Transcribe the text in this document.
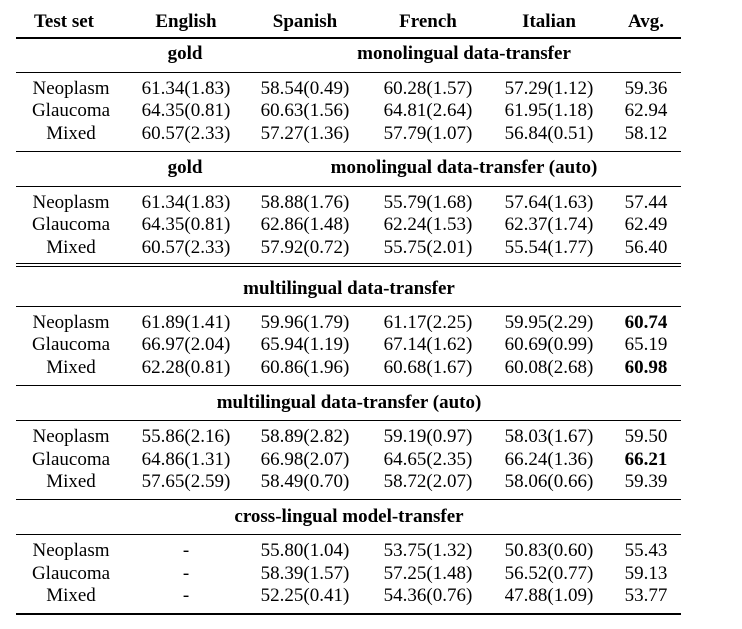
Test set	English	Spanish	French	Italian	Avg.
gold	monolingual data-transfer
Neoplasm 61.34(1.83) 58.54(0.49) 60.28(1.57) 57.29(1.12) 59.36
Glaucoma 64.35(0.81) 60.63(1.56) 64.81(2.64) 61.95(1.18) 62.94
Mixed 60.57(2.33) 57.27(1.36) 57.79(1.07) 56.84(0.51) 58.12
gold	monolingual data-transfer (auto)
Neoplasm 61.34(1.83) 58.88(1.76) 55.79(1.68) 57.64(1.63) 57.44
Glaucoma 64.35(0.81) 62.86(1.48) 62.24(1.53) 62.37(1.74) 62.49
Mixed 60.57(2.33) 57.92(0.72) 55.75(2.01) 55.54(1.77) 56.40
multilingual data-transfer
Neoplasm 61.89(1.41) 59.96(1.79) 61.17(2.25) 59.95(2.29) 60.74
Glaucoma 66.97(2.04) 65.94(1.19) 67.14(1.62) 60.69(0.99) 65.19
Mixed 62.28(0.81) 60.86(1.96) 60.68(1.67) 60.08(2.68) 60.98
multilingual data-transfer (auto)
Neoplasm 55.86(2.16) 58.89(2.82) 59.19(0.97) 58.03(1.67) 59.50
Glaucoma 64.86(1.31) 66.98(2.07) 64.65(2.35) 66.24(1.36) 66.21
Mixed 57.65(2.59) 58.49(0.70) 58.72(2.07) 58.06(0.66) 59.39
cross-lingual model-transfer
Neoplasm	-	55.80(1.04) 53.75(1.32) 50.83(0.60) 55.43
Glaucoma	-	58.39(1.57) 57.25(1.48) 56.52(0.77) 59.13
Mixed	-	52.25(0.41) 54.36(0.76) 47.88(1.09) 53.77
